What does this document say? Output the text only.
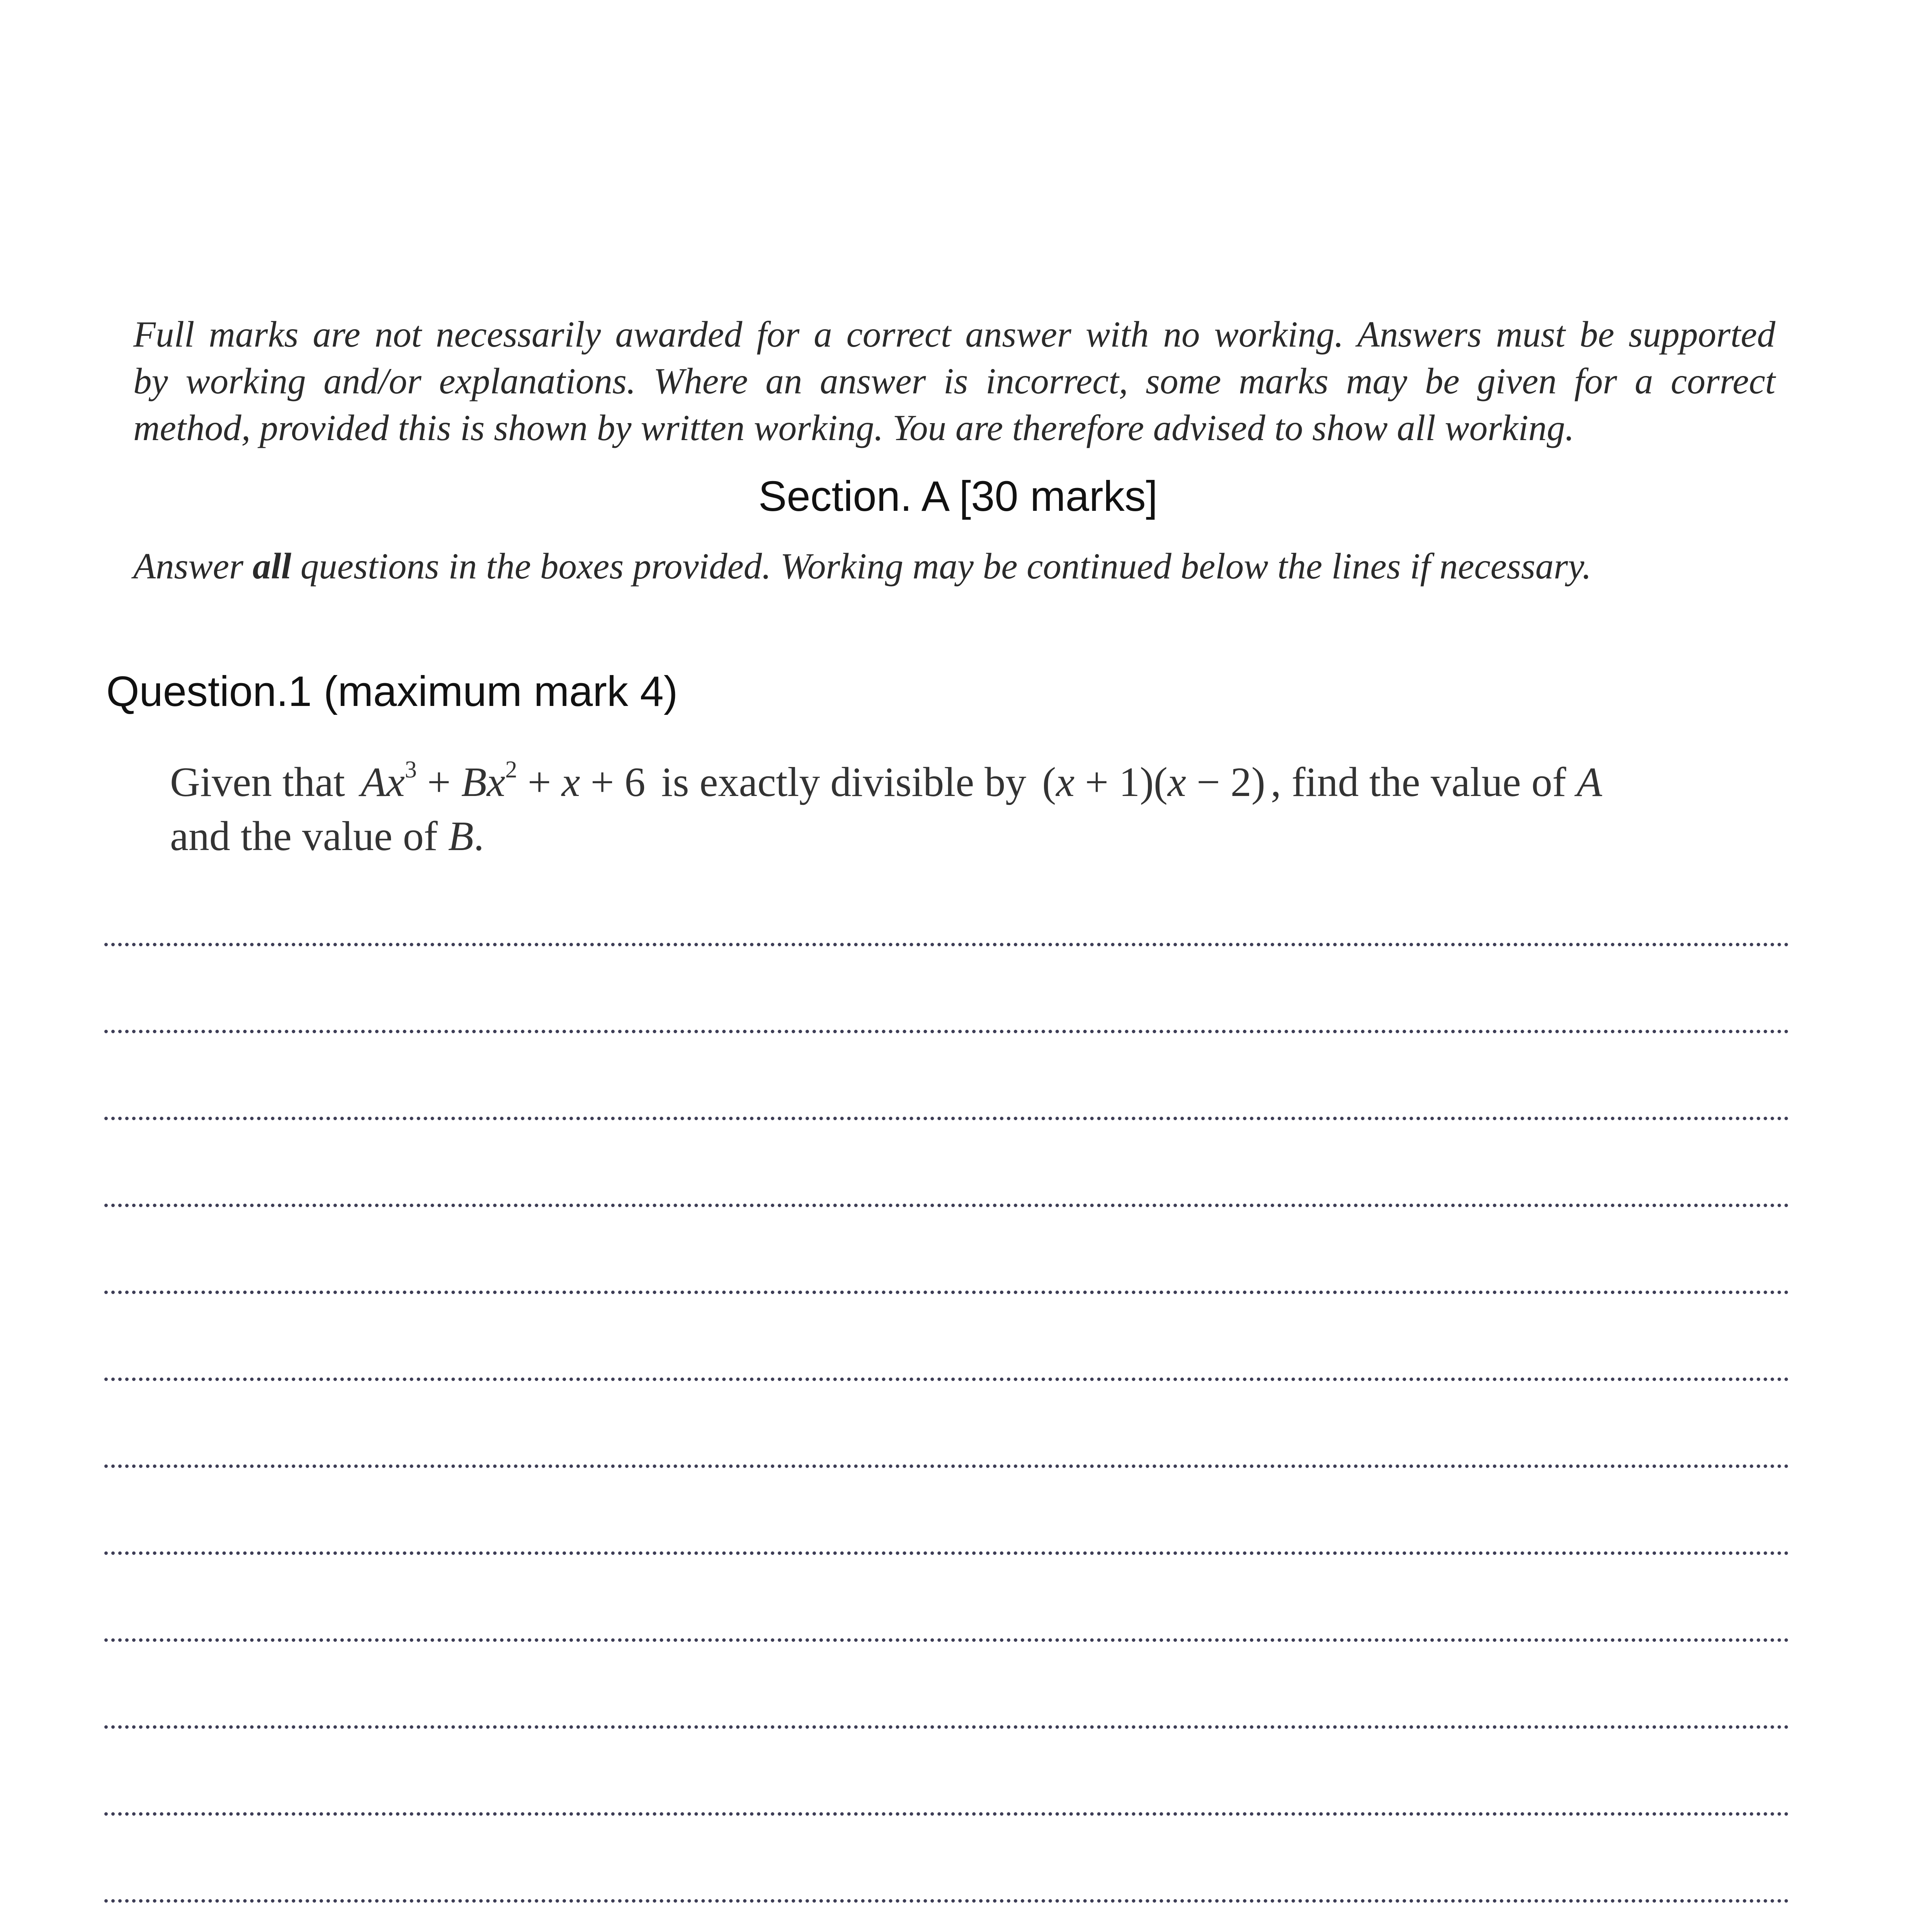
Full marks are not necessarily awarded for a correct answer with no working. Answers must be supported
by working and/or explanations. Where an answer is incorrect, some marks may be given for a correct
method, provided this is shown by written working. You are therefore advised to show all working.
Section. A [30 marks]
Answer all questions in the boxes provided. Working may be continued below the lines if necessary.
Question.1 (maximum mark 4)
Given that $Ax^3 + Bx^2 + x + 6$ is exactly divisible by (x + 1)(x − 2) , find the value of A
and the value of B.
